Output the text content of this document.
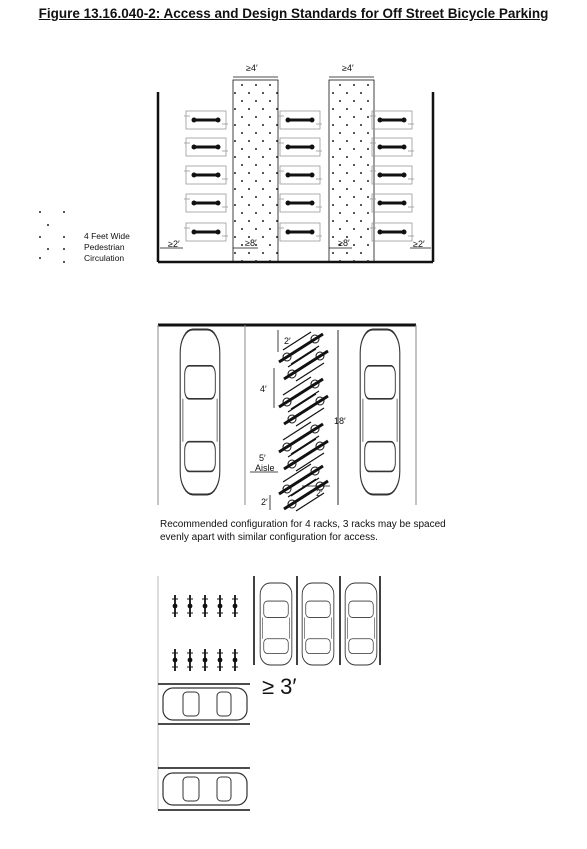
Figure 13.16.040-2: Access and Design Standards for Off Street Bicycle Parking
≥4′	≥4′
≥2′	≥8′	≥8′	≥2′
4 Feet Wide
Pedestrian
Circulation
2′
4′
18′
5′
Aisle
2′
2′
Recommended configuration for 4 racks, 3 racks may be spaced evenly apart with similar configuration for access.
≥ 3′
